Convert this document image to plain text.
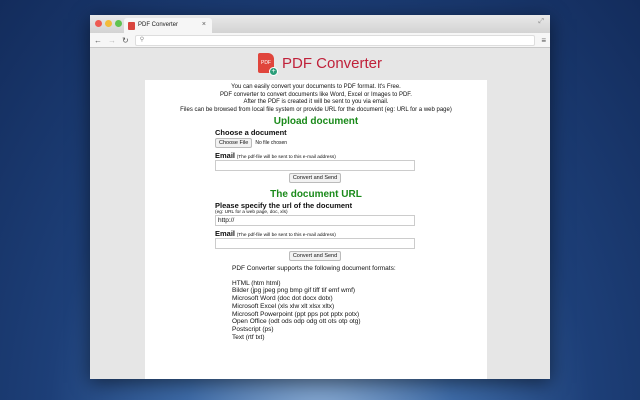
PDF Converter	×	⤢
← → ↻	⚲	≡
PDF
+ PDF Converter
You can easily convert your documents to PDF format. It's Free.
PDF converter to convert documents like Word, Excel or Images to PDF.
After the PDF is created it will be sent to you via email.
Files can be browsed from local file system or provide URL for the document (eg: URL for a web page)
Upload document
Choose a document
Choose File	No file chosen
Email (The pdf-file will be sent to this e-mail address)
Convert and Send
The document URL
Please specify the url of the document
(eg: URL for a web page, doc, xls)
http://
Email (The pdf-file will be sent to this e-mail address)
Convert and Send
PDF Converter supports the following document formats:
HTML (htm html)
Bilder (jpg jpeg png bmp gif tiff tif emf wmf)
Microsoft Word (doc dot docx dotx)
Microsoft Excel (xls xlw xlt xlsx xltx)
Microsoft Powerpoint (ppt pps pot pptx potx)
Open Office (odt ods odp odg ott ots otp otg)
Postscript (ps)
Text (rtf txt)
